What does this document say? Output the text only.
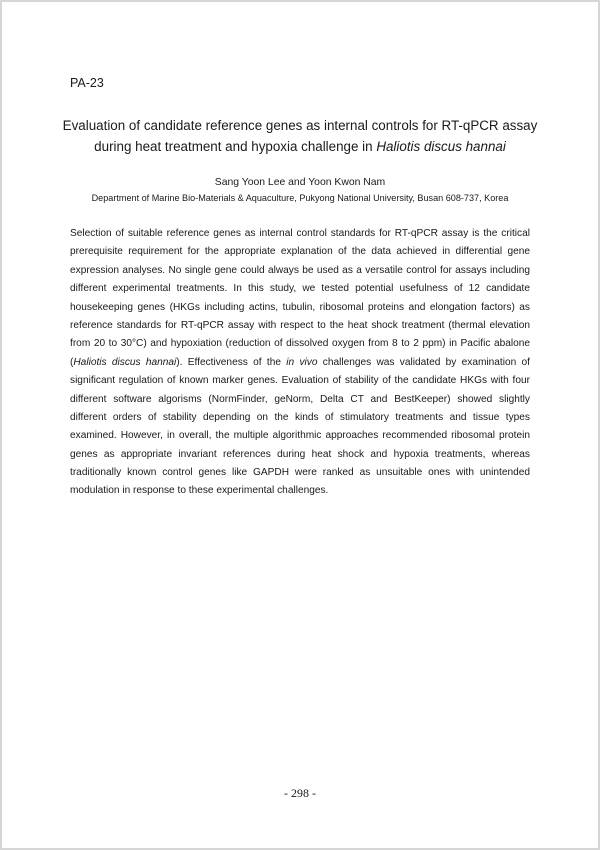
PA-23
Evaluation of candidate reference genes as internal controls for RT-qPCR assay
during heat treatment and hypoxia challenge in Haliotis discus hannai
Sang Yoon Lee and Yoon Kwon Nam
Department of Marine Bio-Materials & Aquaculture, Pukyong National University, Busan 608-737, Korea
Selection of suitable reference genes as internal control standards for RT-qPCR assay is the critical
prerequisite requirement for the appropriate explanation of the data achieved in differential gene
expression analyses. No single gene could always be used as a versatile control for assays including
different experimental treatments. In this study, we tested potential usefulness of 12 candidate
housekeeping genes (HKGs including actins, tubulin, ribosomal proteins and elongation factors) as
reference standards for RT-qPCR assay with respect to the heat shock treatment (thermal elevation
from 20 to 30°C) and hypoxiation (reduction of dissolved oxygen from 8 to 2 ppm) in Pacific abalone
(Haliotis discus hannai). Effectiveness of the in vivo challenges was validated by examination of
significant regulation of known marker genes. Evaluation of stability of the candidate HKGs with four
different software algorisms (NormFinder, geNorm, Delta CT and BestKeeper) showed slightly
different orders of stability depending on the kinds of stimulatory treatments and tissue types
examined. However, in overall, the multiple algorithmic approaches recommended ribosomal protein
genes as appropriate invariant references during heat shock and hypoxia treatments, whereas
traditionally known control genes like GAPDH were ranked as unsuitable ones with unintended
modulation in response to these experimental challenges.
- 298 -
